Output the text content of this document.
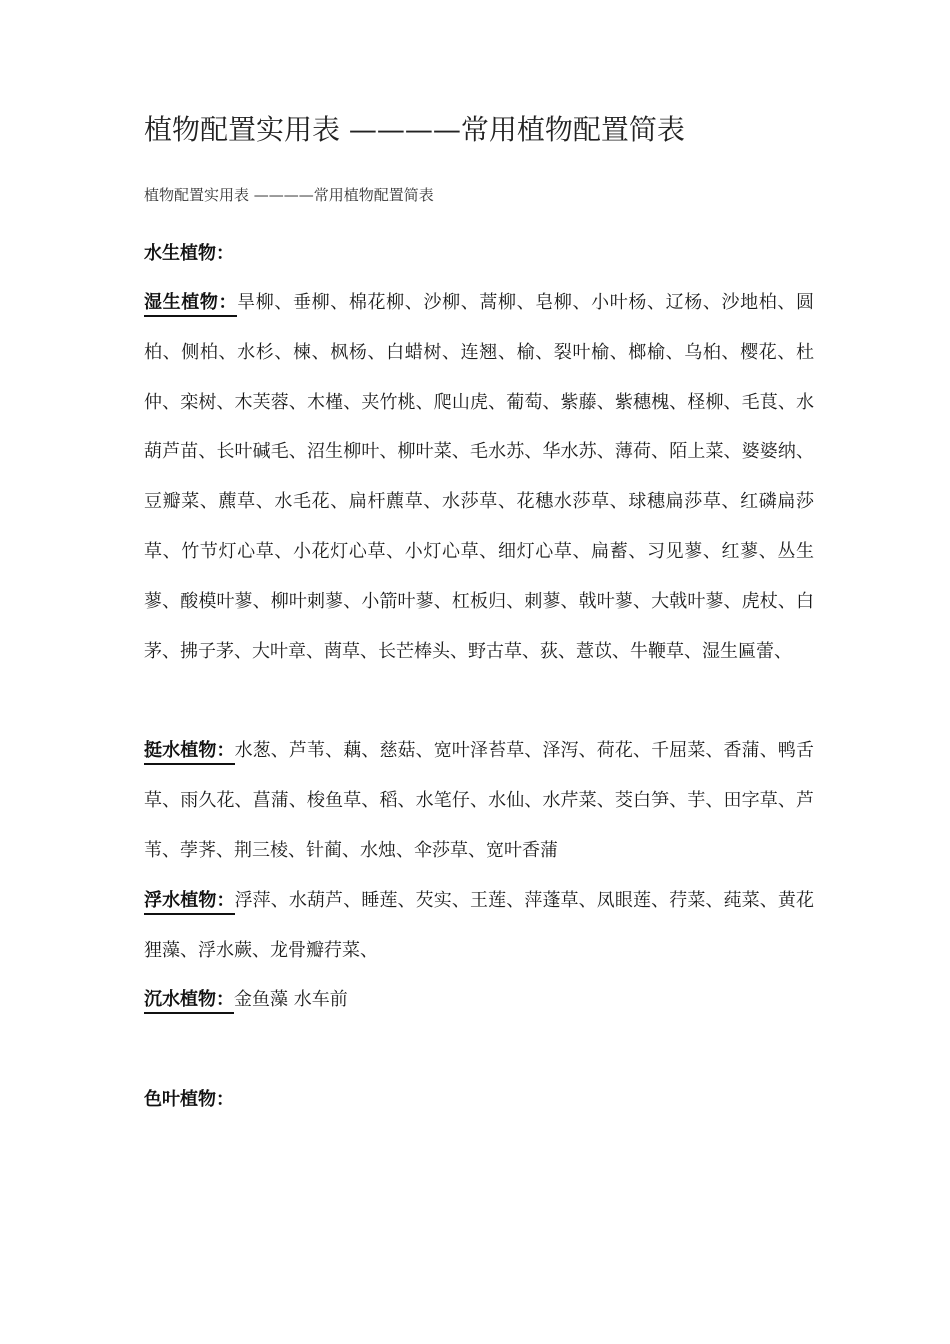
植物配置实用表 ————常用植物配置简表
植物配置实用表 ————常用植物配置简表
水生植物：
湿生植物：旱柳、垂柳、棉花柳、沙柳、蒿柳、皂柳、小叶杨、辽杨、沙地柏、圆柏、侧柏、水杉、楝、枫杨、白蜡树、连翘、榆、裂叶榆、榔榆、乌桕、樱花、杜仲、栾树、木芙蓉、木槿、夹竹桃、爬山虎、葡萄、紫藤、紫穗槐、柽柳、毛茛、水葫芦苗、长叶碱毛、沼生柳叶、柳叶菜、毛水苏、华水苏、薄荷、陌上菜、婆婆纳、豆瓣菜、藨草、水毛花、扁杆藨草、水莎草、花穗水莎草、球穗扁莎草、红磷扁莎草、竹节灯心草、小花灯心草、小灯心草、细灯心草、扁蓄、习见蓼、红蓼、丛生蓼、酸模叶蓼、柳叶刺蓼、小箭叶蓼、杠板归、刺蓼、戟叶蓼、大戟叶蓼、虎杖、白茅、拂子茅、大叶章、菵草、长芒棒头、野古草、荻、薏苡、牛鞭草、湿生匾蕾、
挺水植物：水葱、芦苇、藕、慈菇、宽叶泽苔草、泽泻、荷花、千屈菜、香蒲、鸭舌草、雨久花、菖蒲、梭鱼草、稻、水笔仔、水仙、水芹菜、茭白笋、芋、田字草、芦苇、荸荠、荆三棱、针蔺、水烛、伞莎草、宽叶香蒲
浮水植物：浮萍、水葫芦、睡莲、芡实、王莲、萍蓬草、凤眼莲、荇菜、莼菜、黄花狸藻、浮水蕨、龙骨瓣荇菜、
沉水植物：金鱼藻 水车前
色叶植物：
